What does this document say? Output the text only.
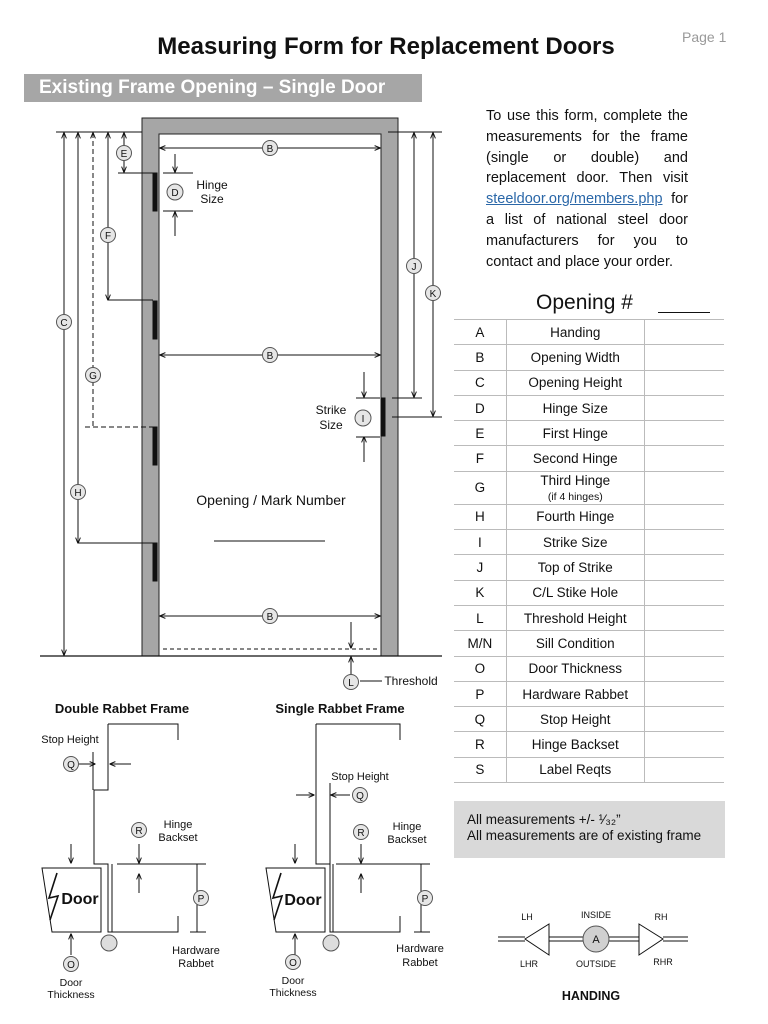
Page 1
Measuring Form for Replacement Doors
Existing Frame Opening – Single Door
To use this form, complete the measurements for the frame (single or double) and replacement door. Then visit steeldoor.org/members.php for a list of national steel door manufacturers for you to contact and place your order.
Opening #
A	Handing	
B	Opening Width	
C	Opening Height	
D	Hinge Size	
E	First Hinge	
F	Second Hinge	
G	Third Hinge
(if 4 hinges)	
H	Fourth Hinge	
I	Strike Size	
J	Top of Strike	
K	C/L Stike Hole	
L	Threshold Height	
M/N	Sill Condition	
O	Door Thickness	
P	Hardware Rabbet	
Q	Stop Height	
R	Hinge Backset	
S	Label Reqts	
All measurements +/- ¹⁄₃₂”
All measurements are of existing frame
E	B
D
F
C
G
H
B
I
J
K
B
L
Hinge
Size
Strike
Size
Opening / Mark Number
Threshold
Q
R
P
O
Double Rabbet Frame
Stop Height
Hinge
Backset
Door
Hardware
Rabbet
Door
Thickness
Q
R
P
O
Single Rabbet Frame
Stop Height
Hinge
Backset
Door
Hardware
Rabbet
Door
Thickness
A
LH	INSIDE	RH
LHR	OUTSIDE	RHR
HANDING
